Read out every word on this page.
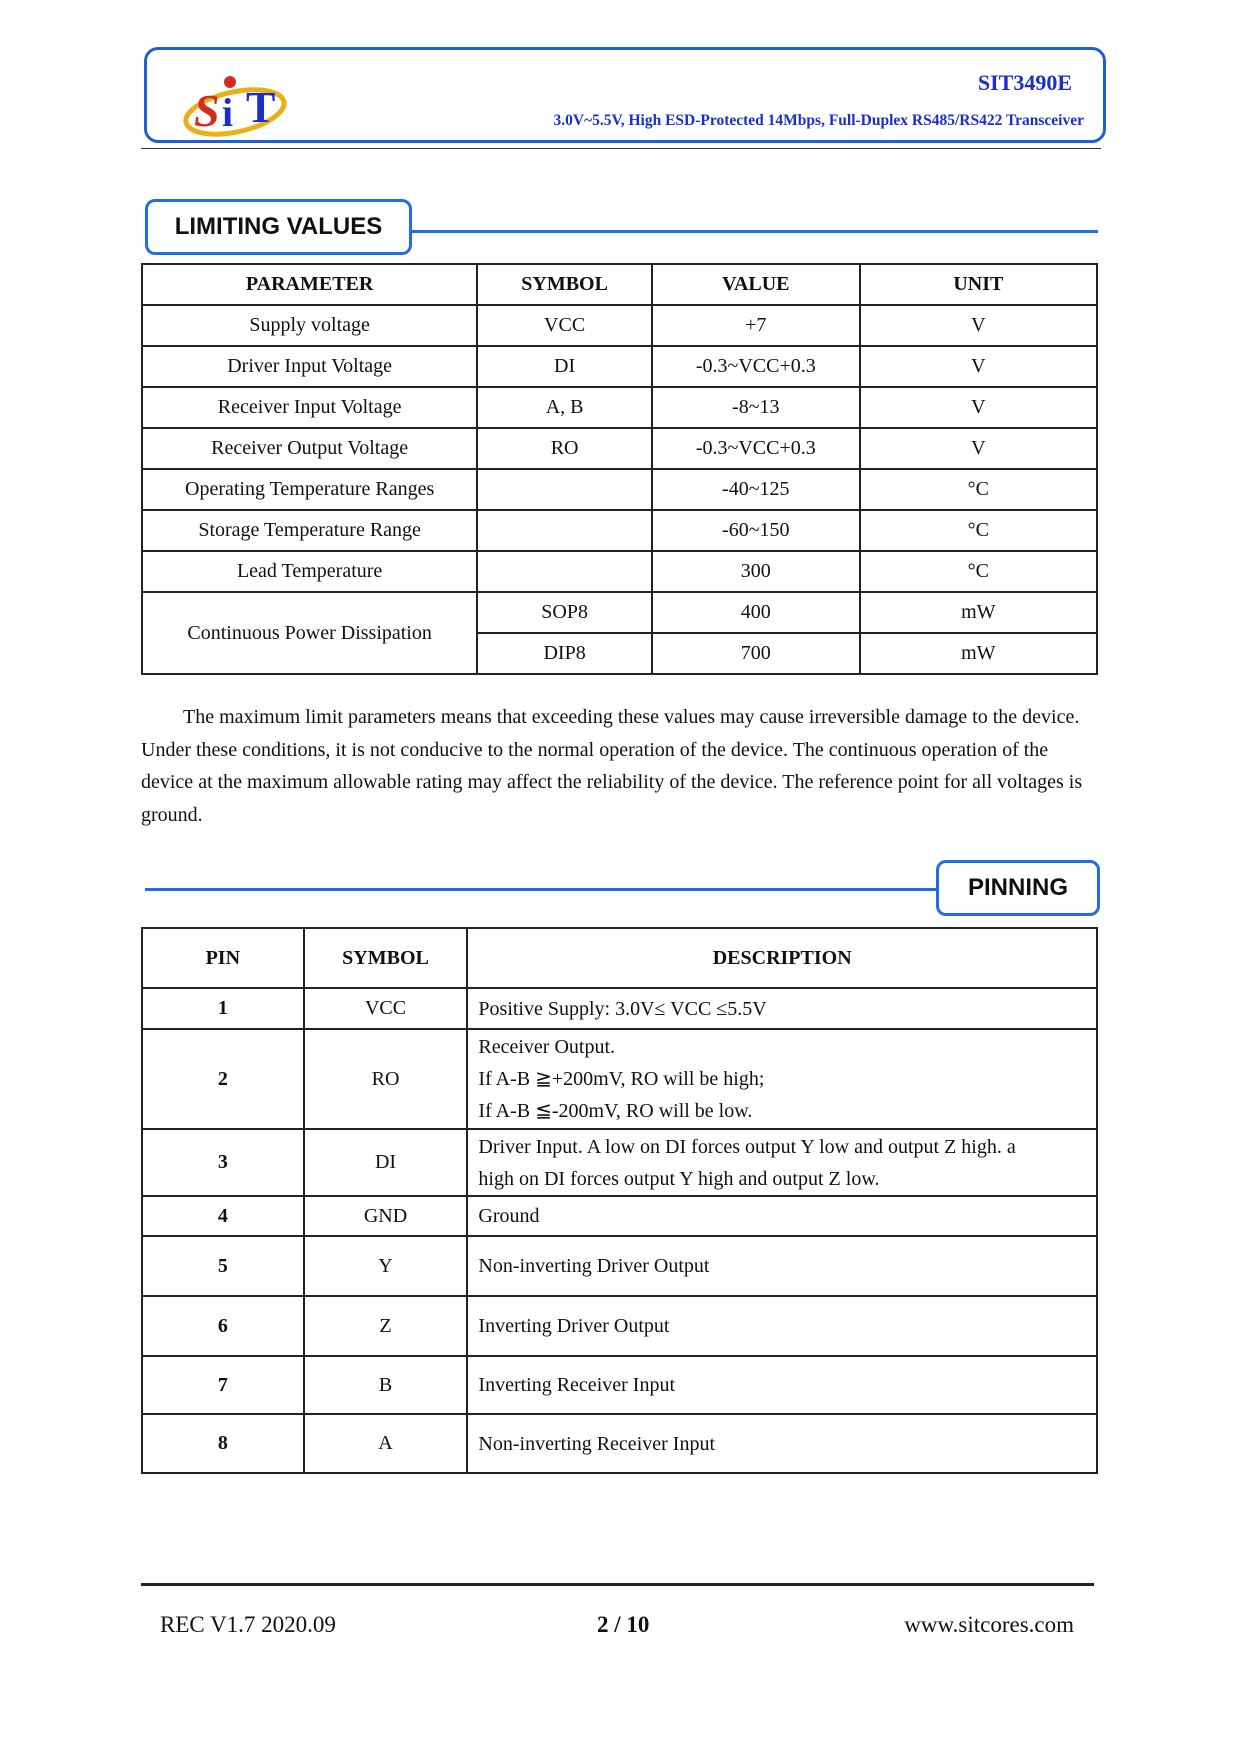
S i T
SIT3490E
3.0V~5.5V, High ESD-Protected 14Mbps, Full-Duplex RS485/RS422 Transceiver
LIMITING VALUES
PARAMETER	SYMBOL	VALUE	UNIT
Supply voltage	VCC	+7	V
Driver Input Voltage	DI	-0.3~VCC+0.3	V
Receiver Input Voltage	A, B	-8~13	V
Receiver Output Voltage	RO	-0.3~VCC+0.3	V
Operating Temperature Ranges		-40~125	°C
Storage Temperature Range		-60~150	°C
Lead Temperature		300	°C
Continuous Power Dissipation	SOP8	400	mW
	DIP8	700	mW
The maximum limit parameters means that exceeding these values may cause irreversible damage to the device. Under these conditions, it is not conducive to the normal operation of the device. The continuous operation of the device at the maximum allowable rating may affect the reliability of the device. The reference point for all voltages is ground.
PINNING
PIN	SYMBOL	DESCRIPTION
1	VCC	Positive Supply: 3.0V≤ VCC ≤5.5V

2	RO	Receiver Output.
If A-B ≧+200mV, RO will be high;
If A-B ≦-200mV, RO will be low.

3	DI	Driver Input. A low on DI forces output Y low and output Z high. a
high on DI forces output Y high and output Z low.

4	GND	Ground

5	Y	Non-inverting Driver Output

6	Z	Inverting Driver Output

7	B	Inverting Receiver Input

8	A	Non-inverting Receiver Input
REC V1.7 2020.09	2 / 10	www.sitcores.com
